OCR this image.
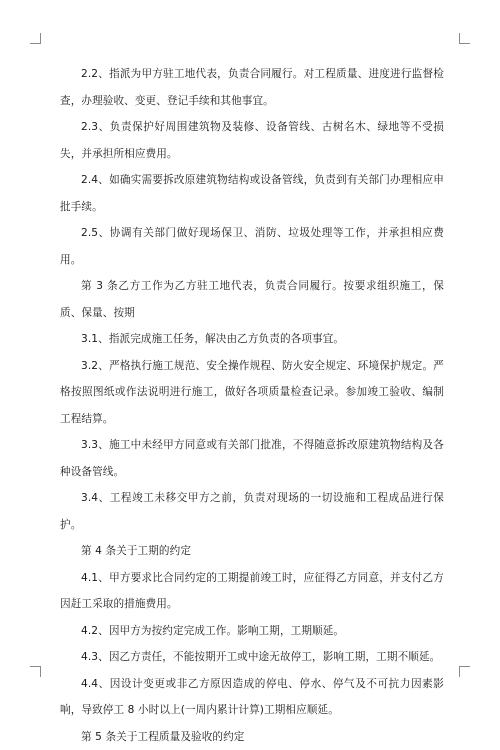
2.2、指派为甲方驻工地代表，负责合同履行。对工程质量、进度进行监督检查，办理验收、变更、登记手续和其他事宜。

2.3、负责保护好周围建筑物及装修、设备管线、古树名木、绿地等不受损失，并承担所相应费用。

2.4、如确实需要拆改原建筑物结构或设备管线，负责到有关部门办理相应申批手续。

2.5、协调有关部门做好现场保卫、消防、垃圾处理等工作，并承担相应费用。

第 3 条乙方工作为乙方驻工地代表，负责合同履行。按要求组织施工，保质、保量、按期

3.1、指派完成施工任务，解决由乙方负责的各项事宜。

3.2、严格执行施工规范、安全操作规程、防火安全规定、环境保护规定。严格按照图纸或作法说明进行施工，做好各项质量检查记录。参加竣工验收、编制工程结算。

3.3、施工中未经甲方同意或有关部门批准，不得随意拆改原建筑物结构及各种设备管线。

3.4、工程竣工未移交甲方之前，负责对现场的一切设施和工程成品进行保护。

第 4 条关于工期的约定

4.1、甲方要求比合同约定的工期提前竣工时，应征得乙方同意，并支付乙方因赶工采取的措施费用。

4.2、因甲方为按约定完成工作。影响工期，工期顺延。

4.3、因乙方责任，不能按期开工或中途无故停工，影响工期，工期不顺延。

4.4、因设计变更或非乙方原因造成的停电、停水、停气及不可抗力因素影响，导致停工 8 小时以上(一周内累计计算)工期相应顺延。

第 5 条关于工程质量及验收的约定
